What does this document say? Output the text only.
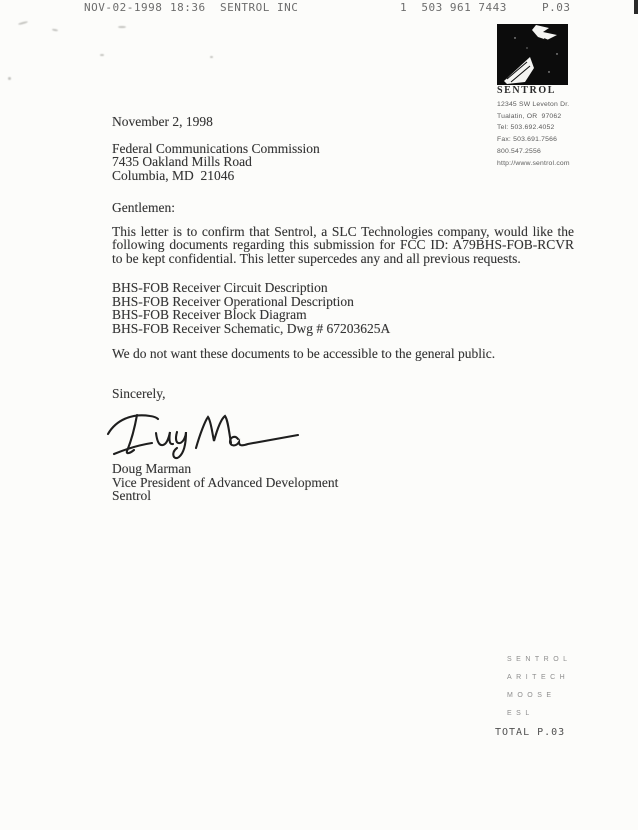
NOV-02-1998 18:36 SENTROL INC	1  503 961 7443	P.03
SENTROL
12345 SW Leveton Dr.
Tualatin, OR  97062
Tel: 503.692.4052
Fax: 503.691.7566
800.547.2556
http://www.sentrol.com
November 2, 1998
Federal Communications Commission
7435 Oakland Mills Road
Columbia, MD  21046
Gentlemen:
This letter is to confirm that Sentrol, a SLC Technologies company, would like the following documents regarding this submission for FCC ID: A79BHS-FOB-RCVR to be kept confidential. This letter supercedes any and all previous requests.
BHS-FOB Receiver Circuit Description
BHS-FOB Receiver Operational Description
BHS-FOB Receiver Block Diagram
BHS-FOB Receiver Schematic, Dwg # 67203625A
We do not want these documents to be accessible to the general public.
Sincerely,
Doug Marman
Vice President of Advanced Development
Sentrol
SENTROL
ARITECH
MOOSE
ESL
TOTAL P.03
